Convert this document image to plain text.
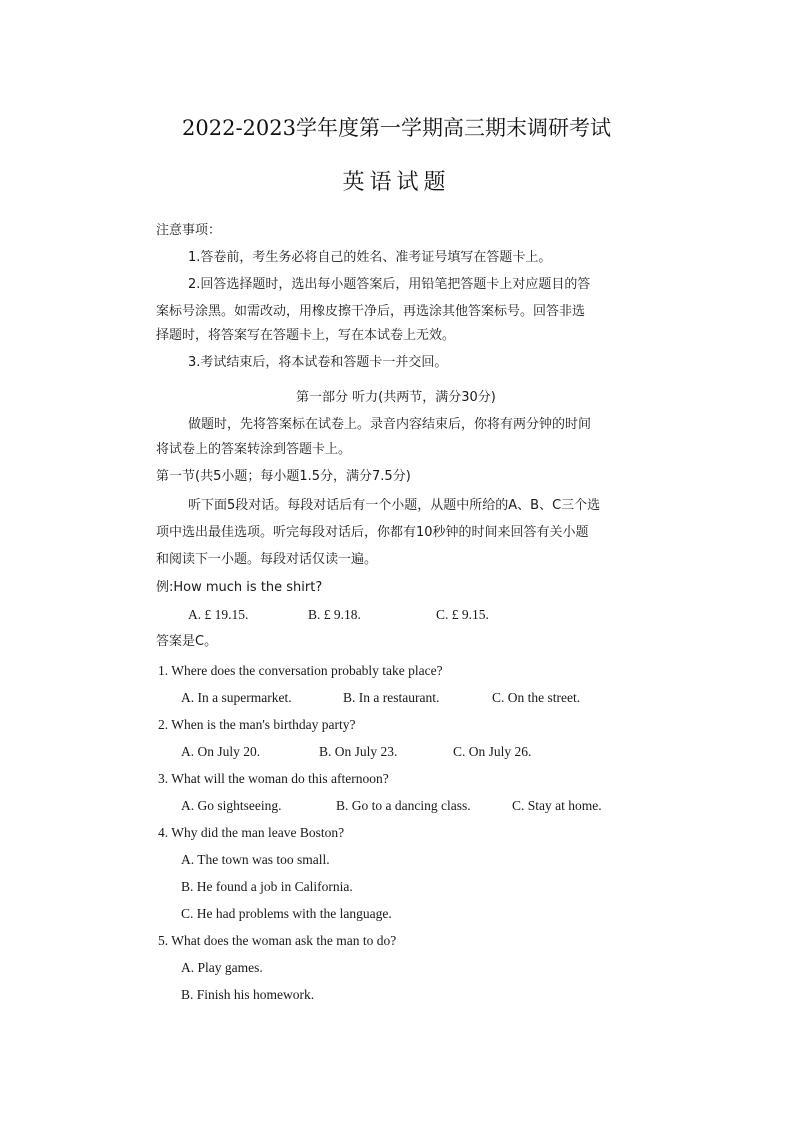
2022-2023学年度第一学期高三期末调研考试
英语试题
注意事项：
1.答卷前，考生务必将自己的姓名、准考证号填写在答题卡上。
2.回答选择题时，选出每小题答案后，用铅笔把答题卡上对应题目的答
案标号涂黑。如需改动，用橡皮擦干净后，再选涂其他答案标号。回答非选
择题时，将答案写在答题卡上，写在本试卷上无效。
3.考试结束后，将本试卷和答题卡一并交回。
第一部分 听力(共两节，满分30分)
做题时，先将答案标在试卷上。录音内容结束后，你将有两分钟的时间
将试卷上的答案转涂到答题卡上。
第一节(共5小题；每小题1.5分，满分7.5分)
听下面5段对话。每段对话后有一个小题，从题中所给的A、B、C三个选
项中选出最佳选项。听完每段对话后，你都有10秒钟的时间来回答有关小题
和阅读下一小题。每段对话仅读一遍。
例:How much is the shirt?
A. £ 19.15.	B. £ 9.18.	C. £ 9.15.
答案是C。
1. Where does the conversation probably take place?
A. In a supermarket.	B. In a restaurant.	C. On the street.
2. When is the man's birthday party?
A. On July 20.	B. On July 23.	C. On July 26.
3. What will the woman do this afternoon?
A. Go sightseeing.	B. Go to a dancing class.	C. Stay at home.
4. Why did the man leave Boston?
A. The town was too small.
B. He found a job in California.
C. He had problems with the language.
5. What does the woman ask the man to do?
A. Play games.
B. Finish his homework.
